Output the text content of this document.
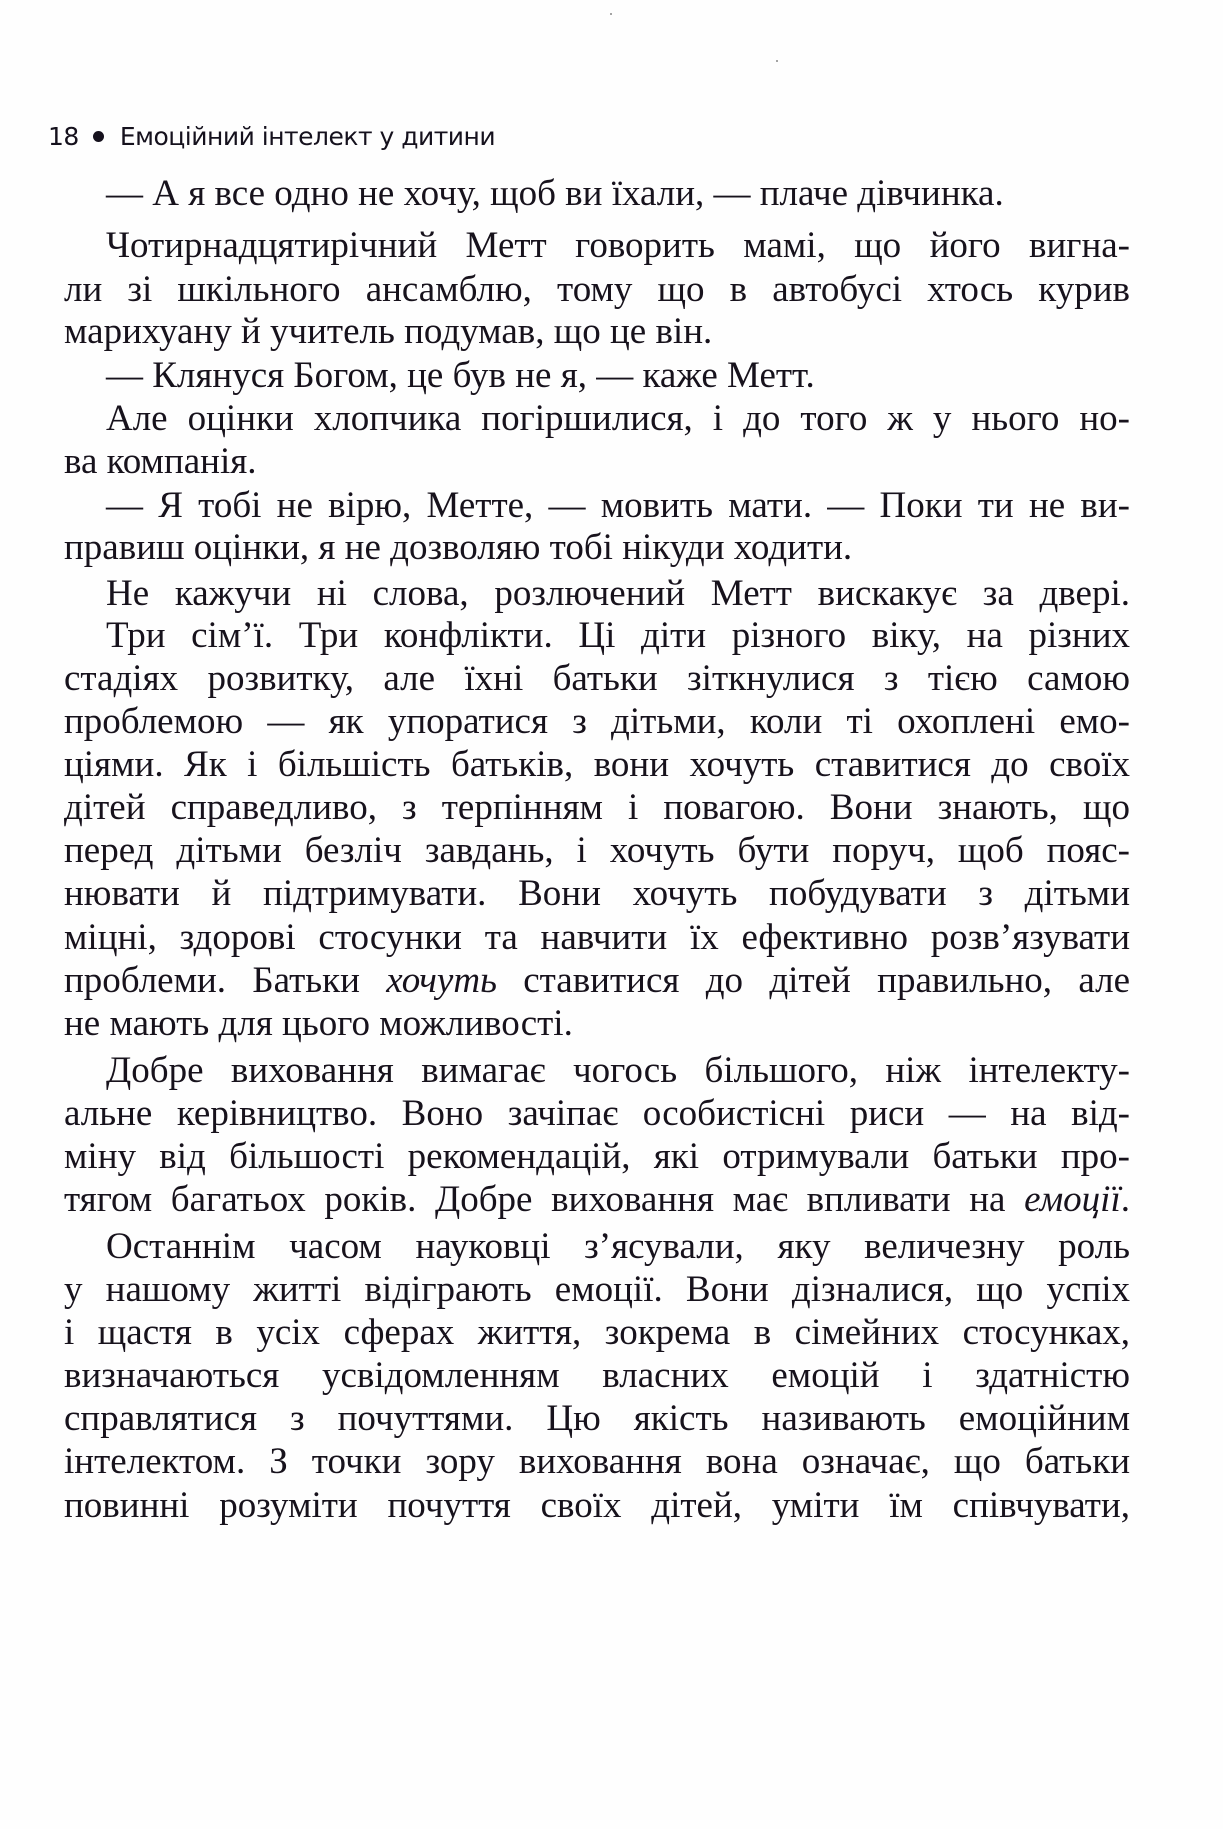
18 Емоційний інтелект у дитини
— А я все одно не хочу, щоб ви їхали, — плаче дівчинка.
Чотирнадцятирічний Метт говорить мамі, що його вигна-
ли зі шкільного ансамблю, тому що в автобусі хтось курив
марихуану й учитель подумав, що це він.
— Клянуся Богом, це був не я, — каже Метт.
Але оцінки хлопчика погіршилися, і до того ж у нього но-
ва компанія.
— Я тобі не вірю, Метте, — мовить мати. — Поки ти не ви-
правиш оцінки, я не дозволяю тобі нікуди ходити.
Не кажучи ні слова, розлючений Метт вискакує за двері.
Три сім’ї. Три конфлікти. Ці діти різного віку, на різних
стадіях розвитку, але їхні батьки зіткнулися з тією самою
проблемою — як упоратися з дітьми, коли ті охоплені емо-
ціями. Як і більшість батьків, вони хочуть ставитися до своїх
дітей справедливо, з терпінням і повагою. Вони знають, що
перед дітьми безліч завдань, і хочуть бути поруч, щоб пояс-
нювати й підтримувати. Вони хочуть побудувати з дітьми
міцні, здорові стосунки та навчити їх ефективно розв’язувати
проблеми. Батьки хочуть ставитися до дітей правильно, але
не мають для цього можливості.
Добре виховання вимагає чогось більшого, ніж інтелекту-
альне керівництво. Воно зачіпає особистісні риси — на від-
міну від більшості рекомендацій, які отримували батьки про-
тягом багатьох років. Добре виховання має впливати на емоції.
Останнім часом науковці з’ясували, яку величезну роль
у нашому житті відіграють емоції. Вони дізналися, що успіх
і щастя в усіх сферах життя, зокрема в сімейних стосунках,
визначаються усвідомленням власних емоцій і здатністю
справлятися з почуттями. Цю якість називають емоційним
інтелектом. З точки зору виховання вона означає, що батьки
повинні розуміти почуття своїх дітей, уміти їм співчувати,
